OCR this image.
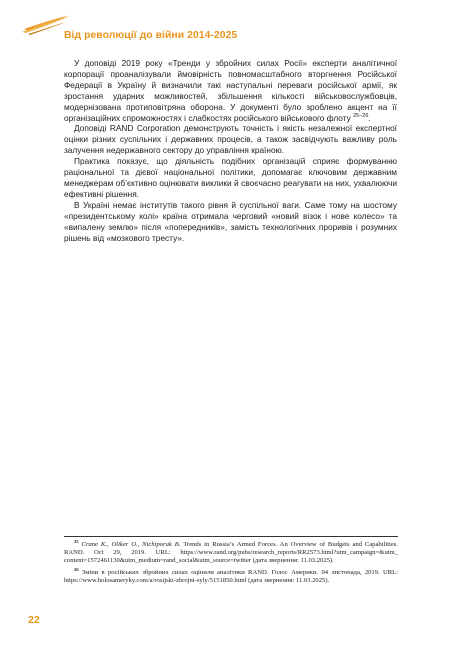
Від революції до війни 2014-2025

У доповіді 2019 року «Тренди у збройних силах Росії» експерти аналітичної корпорації проаналізували ймовірність повномасштабного вторгнення Російської Федерації в Україну й визначили такі наступальні переваги російської армії, як зростання ударних можливостей, збільшення кількості військовослужбовців, модернізована протиповітряна оборона. У документі було зроблено акцент на її організаційних спроможностях і слабкостях російського військового флоту $^{25-26}$.

Доповіді RAND Corporation демонструють точність і якість незалежної експертної оцінки різних суспільних і державних процесів, а також засвідчують важливу роль залучення недержавного сектору до управління країною.

Практика показує, що діяльність подібних організацій сприяє формуванню раціональної та дієвої національної політики, допомагає ключовим державним менеджерам об’єктивно оцінювати виклики й своєчасно реагувати на них, ухвалюючи ефективні рішення.

В Україні немає інститутів такого рівня й суспільної ваги. Саме тому на шостому «президентському колі» країна отримала черговий «новий візок і нове колесо» та «випалену землю» після «попередників», замість технологічних проривів і розумних рішень від «мозкового тресту».

$^{25}$ Crane K., Oliker O., Nichiporuk B. Trends in Russia’s Armed Forces. An Overview of Budgets and Capabilities. RAND. Oct 29, 2019. URL: https://www.rand.org/pubs/research_reports/RR2573.html?utm_campaign=&utm_ content=1572461130&utm_medium=rand_social&utm_source=twitter (дата звернення: 11.03.2025).

$^{26}$ Зміни в російських збройних силах оцінили аналітики RAND. Голос Америки. 04 листопада, 2019. URL: https://www.holosameryky.com/a/rosijski-zbrojni-syly/5151850.html (дата звернення: 11.03.2025).

22
